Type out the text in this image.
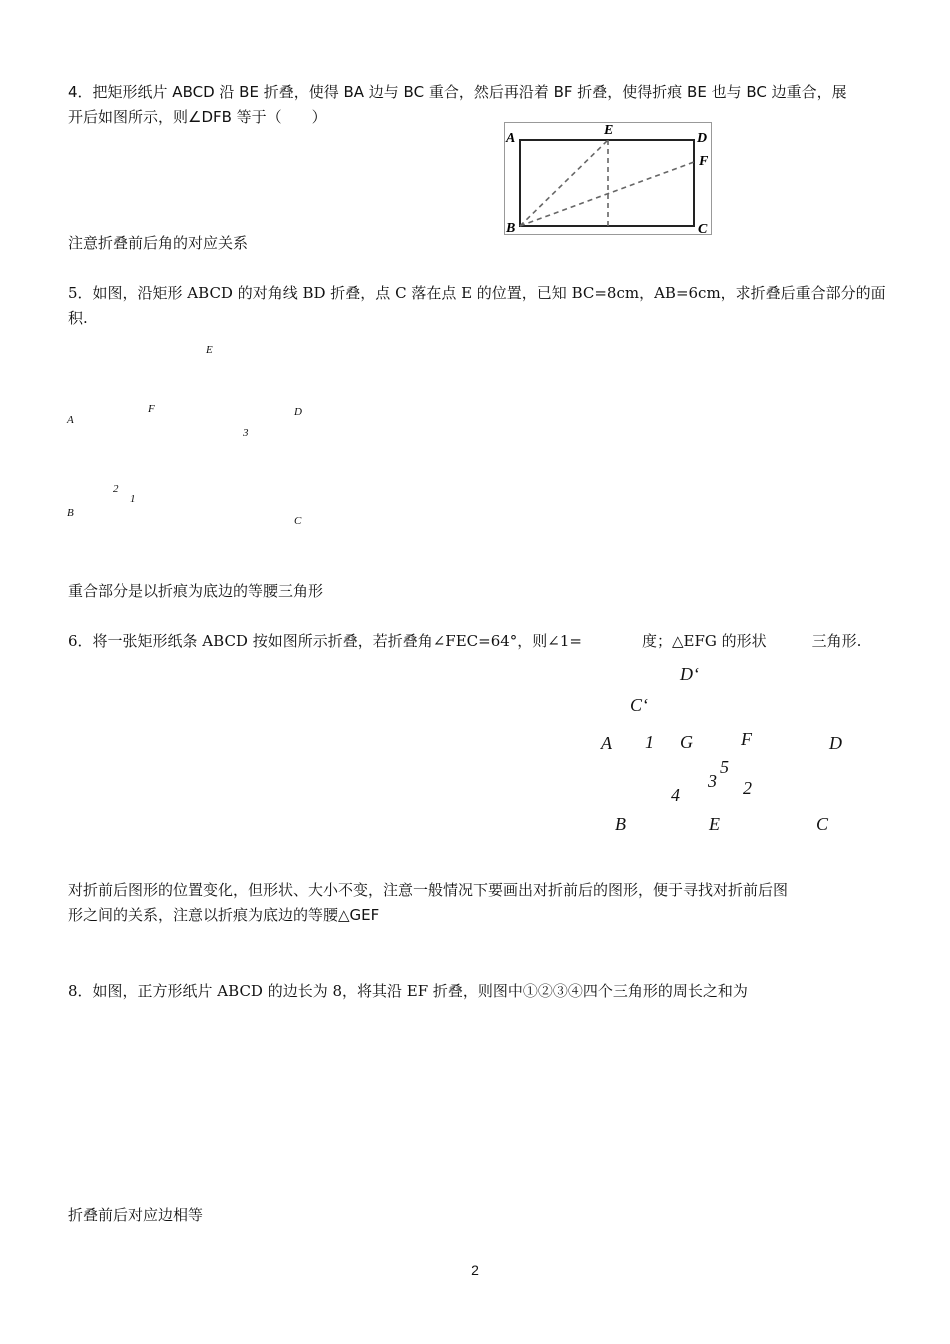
4．把矩形纸片 ABCD 沿 BE 折叠，使得 BA 边与 BC 重合，然后再沿着 BF 折叠，使得折痕 BE 也与 BC 边重合，展
开后如图所示，则∠DFB 等于（　　）
A
E
D
F
B	C
注意折叠前后角的对应关系
5．如图，沿矩形 ABCD 的对角线 BD 折叠，点 C 落在点 E 的位置，已知 BC=8cm，AB=6cm，求折叠后重合部分的面
积.
E
F	D
A
3
2
1
B
C
重合部分是以折痕为底边的等腰三角形
6．将一张矩形纸条 ABCD 按如图所示折叠，若折叠角∠FEC=64°，则∠1=　　　　度；△EFG 的形状　　　三角形.
D‘
C‘
A 1 G	F	D
5
3 2
4
B	E	C
对折前后图形的位置变化，但形状、大小不变，注意一般情况下要画出对折前后的图形，便于寻找对折前后图
形之间的关系，注意以折痕为底边的等腰△GEF
8．如图，正方形纸片 ABCD 的边长为 8，将其沿 EF 折叠，则图中①②③④四个三角形的周长之和为
折叠前后对应边相等
2
